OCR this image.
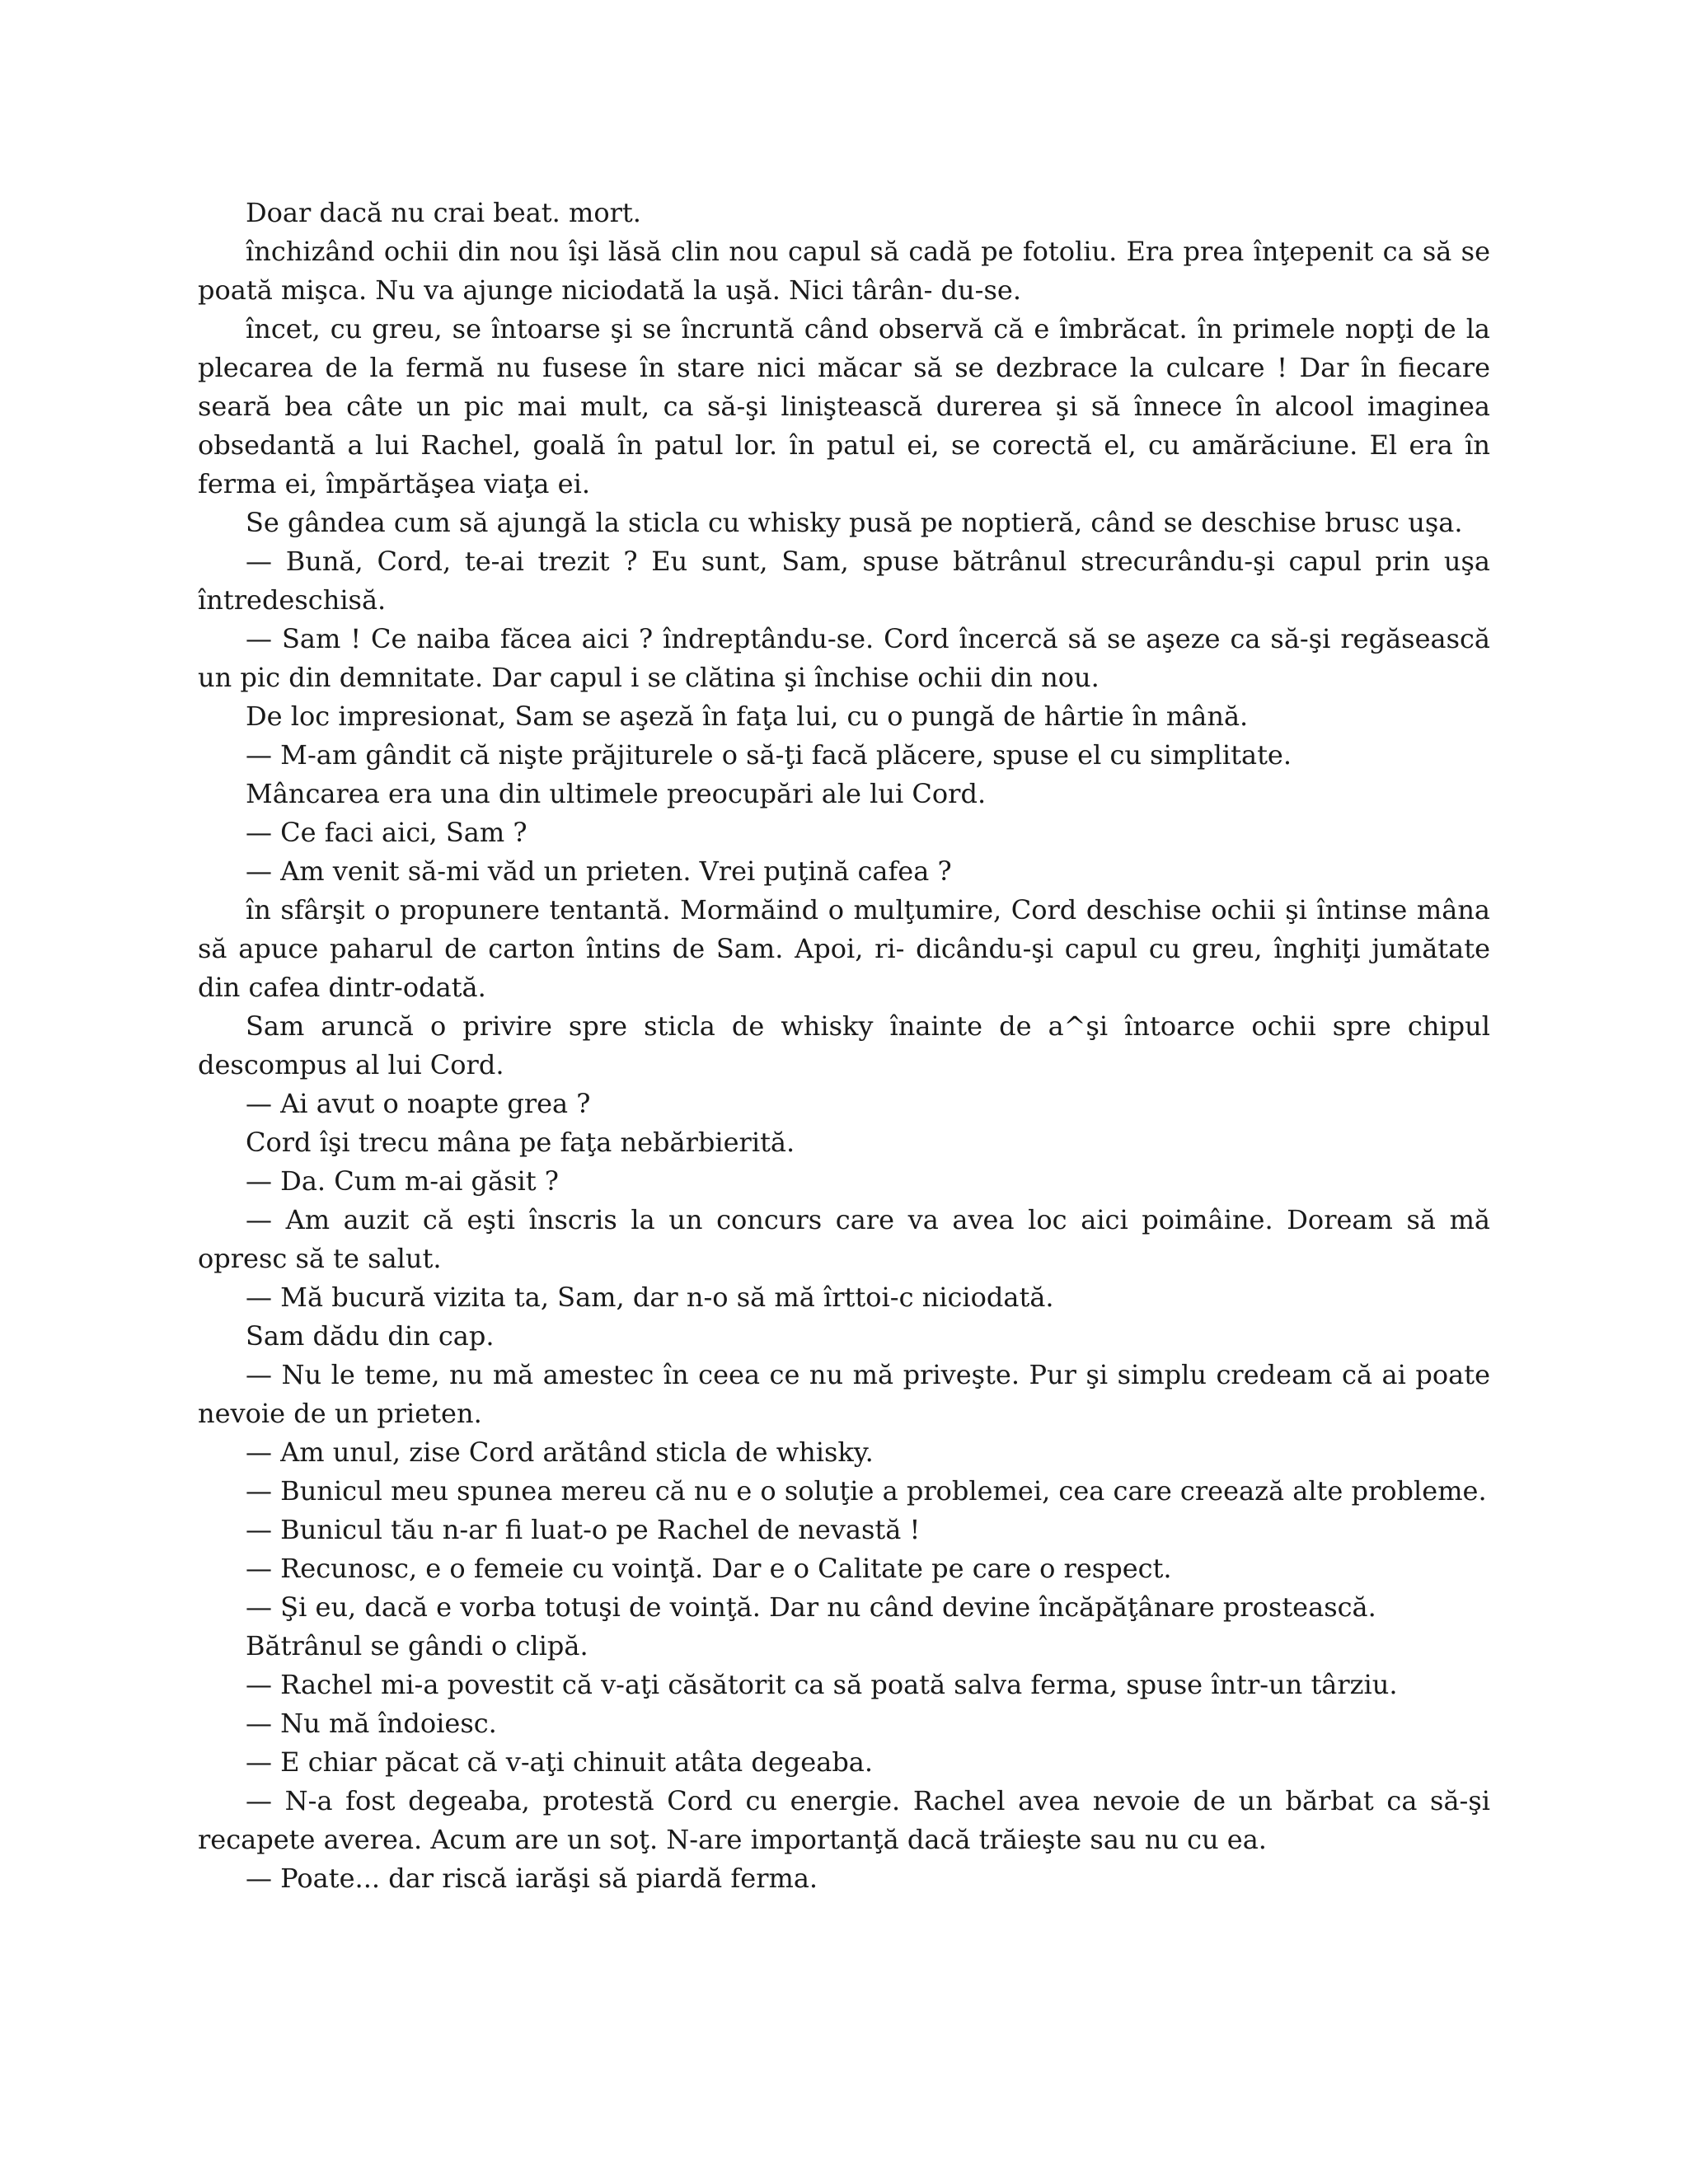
Doar dacă nu crai beat. mort.

închizând ochii din nou îşi lăsă clin nou capul să cadă pe fotoliu. Era prea înţepenit ca să se poată mişca. Nu va ajunge niciodată la uşă. Nici târân- du-se.

încet, cu greu, se întoarse şi se încruntă când observă că e îmbrăcat. în primele nopţi de la plecarea de la fermă nu fusese în stare nici măcar să se dezbrace la culcare ! Dar în fiecare seară bea câte un pic mai mult, ca să-şi liniştească durerea şi să înnece în alcool imaginea obsedantă a lui Rachel, goală în patul lor. în patul ei, se corectă el, cu amărăciune. El era în ferma ei, împărtăşea viaţa ei.

Se gândea cum să ajungă la sticla cu whisky pusă pe noptieră, când se deschise brusc uşa.

— Bună, Cord, te-ai trezit ? Eu sunt, Sam, spuse bătrânul strecurându-şi capul prin uşa întredeschisă.

— Sam ! Ce naiba făcea aici ? îndreptându-se. Cord încercă să se aşeze ca să-şi regăsească un pic din demnitate. Dar capul i se clătina şi închise ochii din nou.

De loc impresionat, Sam se aşeză în faţa lui, cu o pungă de hârtie în mână.

— M-am gândit că nişte prăjiturele o să-ţi facă plăcere, spuse el cu simplitate.

Mâncarea era una din ultimele preocupări ale lui Cord.

— Ce faci aici, Sam ?

— Am venit să-mi văd un prieten. Vrei puţină cafea ?

în sfârşit o propunere tentantă. Mormăind o mulţumire, Cord deschise ochii şi întinse mâna să apuce paharul de carton întins de Sam. Apoi, ri- dicându-şi capul cu greu, înghiţi jumătate din cafea dintr-odată.

Sam aruncă o privire spre sticla de whisky înainte de a^şi întoarce ochii spre chipul descompus al lui Cord.

— Ai avut o noapte grea ?

Cord îşi trecu mâna pe faţa nebărbierită.

— Da. Cum m-ai găsit ?

— Am auzit că eşti înscris la un concurs care va avea loc aici poimâine. Doream să mă opresc să te salut.

— Mă bucură vizita ta, Sam, dar n-o să mă îrttoi-c niciodată.

Sam dădu din cap.

— Nu le teme, nu mă amestec în ceea ce nu mă priveşte. Pur şi simplu credeam că ai poate nevoie de un prieten.

— Am unul, zise Cord arătând sticla de whisky.

— Bunicul meu spunea mereu că nu e o soluţie a problemei, cea care creează alte probleme.

— Bunicul tău n-ar fi luat-o pe Rachel de nevastă !

— Recunosc, e o femeie cu voinţă. Dar e o Calitate pe care o respect.

— Şi eu, dacă e vorba totuşi de voinţă. Dar nu când devine încăpăţânare prostească.

Bătrânul se gândi o clipă.

— Rachel mi-a povestit că v-aţi căsătorit ca să poată salva ferma, spuse într-un târziu.

— Nu mă îndoiesc.

— E chiar păcat că v-aţi chinuit atâta degeaba.

— N-a fost degeaba, protestă Cord cu energie. Rachel avea nevoie de un bărbat ca să-şi recapete averea. Acum are un soţ. N-are importanţă dacă trăieşte sau nu cu ea.

— Poate... dar riscă iarăşi să piardă ferma.
